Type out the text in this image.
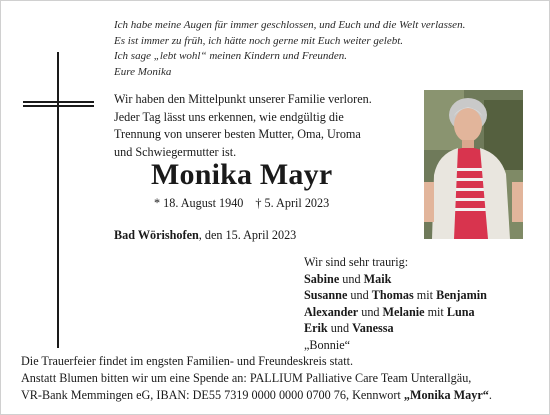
Ich habe meine Augen für immer geschlossen, und Euch und die Welt verlassen.
Es ist immer zu früh, ich hätte noch gerne mit Euch weiter gelebt.
Ich sage „lebt wohl“ meinen Kindern und Freunden.
Eure Monika
Wir haben den Mittelpunkt unserer Familie verloren.
Jeder Tag lässt uns erkennen, wie endgültig die
Trennung von unserer besten Mutter, Oma, Uroma
und Schwiegermutter ist.
Monika Mayr
* 18. August 1940 † 5. April 2023
Bad Wörishofen, den 15. April 2023
Wir sind sehr traurig:
Sabine und Maik
Susanne und Thomas mit Benjamin
Alexander und Melanie mit Luna
Erik und Vanessa
„Bonnie“
Die Trauerfeier findet im engsten Familien- und Freundeskreis statt.
Anstatt Blumen bitten wir um eine Spende an: PALLIUM Palliative Care Team Unterallgäu,
VR-Bank Memmingen eG, IBAN: DE55 7319 0000 0000 0700 76, Kennwort „Monika Mayr“.
